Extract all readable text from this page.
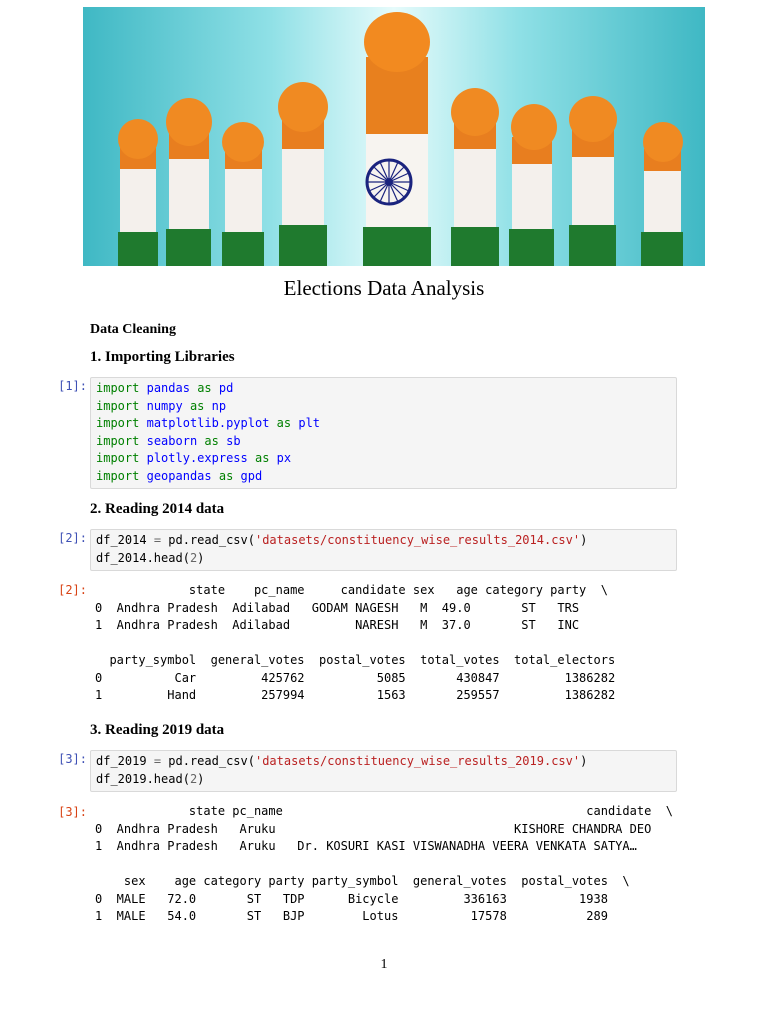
Elections Data Analysis
Data Cleaning
1. Importing Libraries
[1]: import pandas as pd
import numpy as np
import matplotlib.pyplot as plt
import seaborn as sb
import plotly.express as px
import geopandas as gpd
2. Reading 2014 data
[2]: df_2014 = pd.read_csv('datasets/constituency_wise_results_2014.csv')
df_2014.head(2)
[2]:	state    pc_name     candidate sex   age category party  \
0  Andhra Pradesh  Adilabad   GODAM NAGESH   M  49.0       ST   TRS
1  Andhra Pradesh  Adilabad         NARESH   M  37.0       ST   INC

party_symbol  general_votes  postal_votes  total_votes  total_electors
0          Car         425762          5085       430847         1386282
1         Hand         257994          1563       259557         1386282
3. Reading 2019 data
[3]: df_2019 = pd.read_csv('datasets/constituency_wise_results_2019.csv')
df_2019.head(2)
[3]:	state pc_name                                          candidate  \
0  Andhra Pradesh   Aruku                                 KISHORE CHANDRA DEO
1  Andhra Pradesh   Aruku   Dr. KOSURI KASI VISWANADHA VEERA VENKATA SATYA…

sex    age category party party_symbol  general_votes  postal_votes  \
0  MALE   72.0       ST   TDP      Bicycle         336163          1938
1  MALE   54.0       ST   BJP        Lotus          17578           289
1
